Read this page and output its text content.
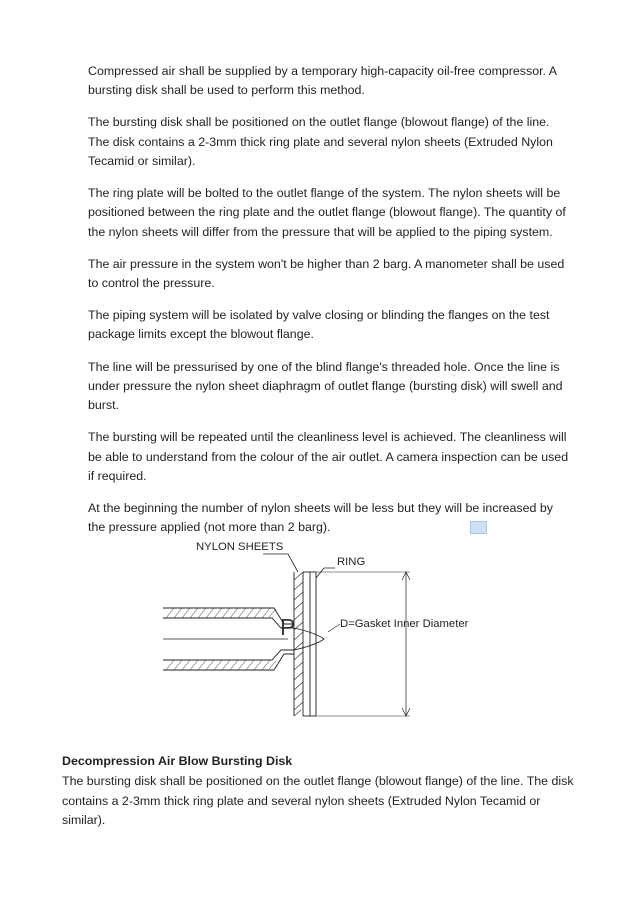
Compressed air shall be supplied by a temporary high-capacity oil-free compressor. A bursting disk shall be used to perform this method.

The bursting disk shall be positioned on the outlet flange (blowout flange) of the line. The disk contains a 2-3mm thick ring plate and several nylon sheets (Extruded Nylon Tecamid or similar).

The ring plate will be bolted to the outlet flange of the system. The nylon sheets will be positioned between the ring plate and the outlet flange (blowout flange). The quantity of the nylon sheets will differ from the pressure that will be applied to the piping system.

The air pressure in the system won't be higher than 2 barg. A manometer shall be used to control the pressure.

The piping system will be isolated by valve closing or blinding the flanges on the test package limits except the blowout flange.

The line will be pressurised by one of the blind flange's threaded hole. Once the line is under pressure the nylon sheet diaphragm of outlet flange (bursting disk) will swell and burst.

The bursting will be repeated until the cleanliness level is achieved. The cleanliness will be able to understand from the colour of the air outlet. A camera inspection can be used if required.

At the beginning the number of nylon sheets will be less but they will be increased by the pressure applied (not more than 2 barg).

NYLON SHEETS
RING
D=Gasket Inner Diameter
P

Decompression Air Blow Bursting Disk

The bursting disk shall be positioned on the outlet flange (blowout flange) of the line. The disk contains a 2-3mm thick ring plate and several nylon sheets (Extruded Nylon Tecamid or similar).
